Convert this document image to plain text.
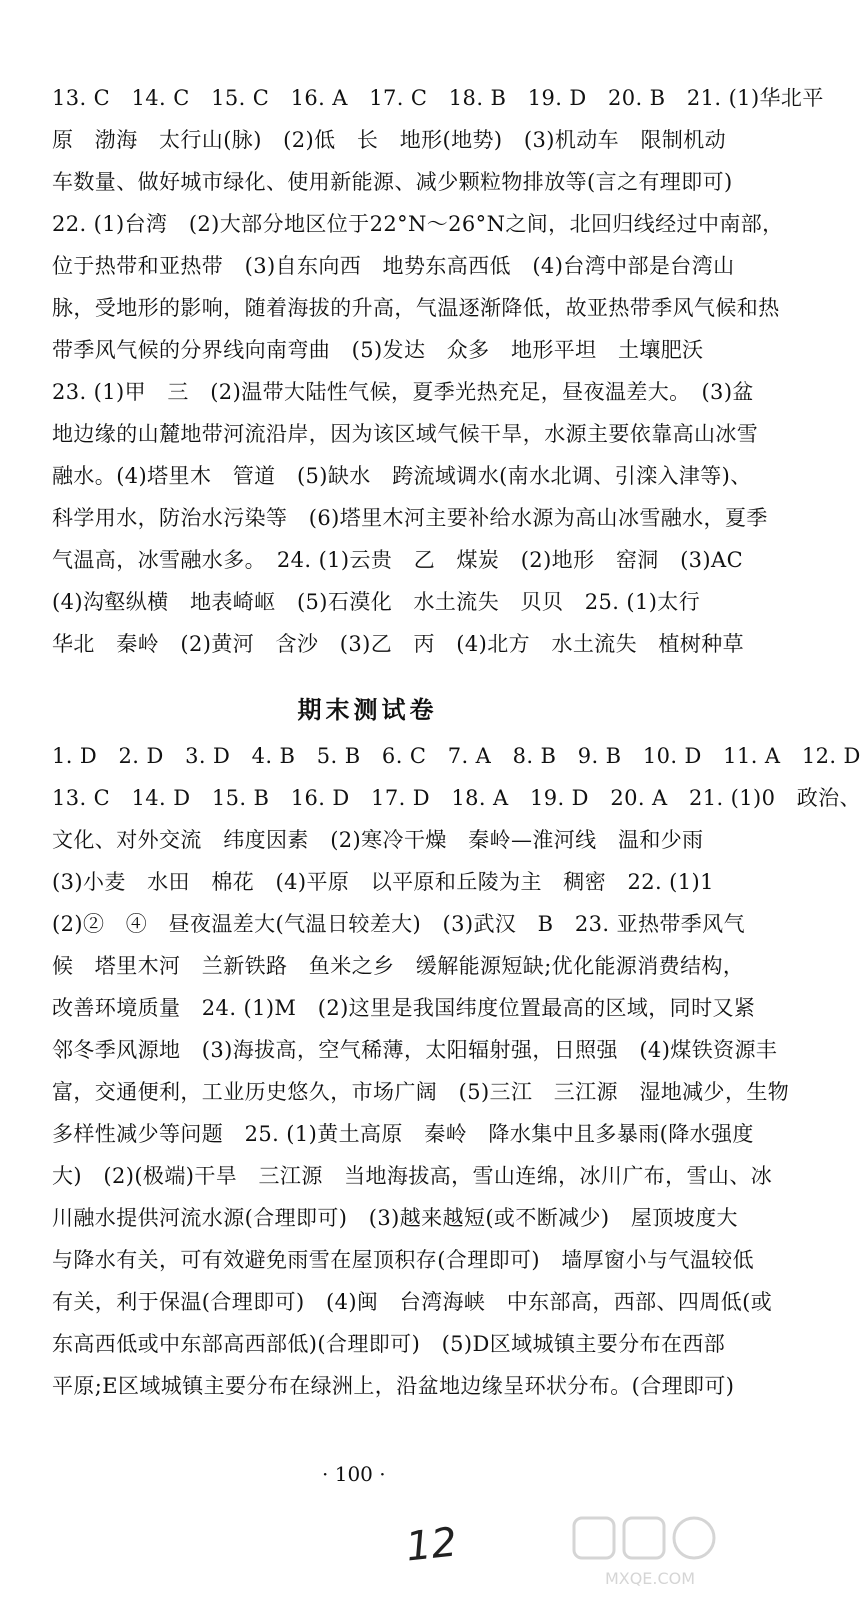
13. C　14. C　15. C　16. A　17. C　18. B　19. D　20. B　21. (1)华北平
原　渤海　太行山(脉)　(2)低　长　地形(地势)　(3)机动车　限制机动
车数量、做好城市绿化、使用新能源、减少颗粒物排放等(言之有理即可)
22. (1)台湾　(2)大部分地区位于22°N～26°N之间，北回归线经过中南部，
位于热带和亚热带　(3)自东向西　地势东高西低　(4)台湾中部是台湾山
脉，受地形的影响，随着海拔的升高，气温逐渐降低，故亚热带季风气候和热
带季风气候的分界线向南弯曲　(5)发达　众多　地形平坦　土壤肥沃
23. (1)甲　三　(2)温带大陆性气候，夏季光热充足，昼夜温差大。　(3)盆
地边缘的山麓地带河流沿岸，因为该区域气候干旱，水源主要依靠高山冰雪
融水。(4)塔里木　管道　(5)缺水　跨流域调水(南水北调、引滦入津等)、
科学用水，防治水污染等　(6)塔里木河主要补给水源为高山冰雪融水，夏季
气温高，冰雪融水多。　24. (1)云贵　乙　煤炭　(2)地形　窑洞　(3)AC
(4)沟壑纵横　地表崎岖　(5)石漠化　水土流失　贝贝　25. (1)太行
华北　秦岭　(2)黄河　含沙　(3)乙　丙　(4)北方　水土流失　植树种草
期末测试卷
1. D　2. D　3. D　4. B　5. B　6. C　7. A　8. B　9. B　10. D　11. A　12. D
13. C　14. D　15. B　16. D　17. D　18. A　19. D　20. A　21. (1)0　政治、
文化、对外交流　纬度因素　(2)寒冷干燥　秦岭—淮河线　温和少雨
(3)小麦　水田　棉花　(4)平原　以平原和丘陵为主　稠密　22. (1)1
(2)②　④　昼夜温差大(气温日较差大)　(3)武汉　B　23. 亚热带季风气
候　塔里木河　兰新铁路　鱼米之乡　缓解能源短缺;优化能源消费结构，
改善环境质量　24. (1)M　(2)这里是我国纬度位置最高的区域，同时又紧
邻冬季风源地　(3)海拔高，空气稀薄，太阳辐射强，日照强　(4)煤铁资源丰
富，交通便利，工业历史悠久，市场广阔　(5)三江　三江源　湿地减少，生物
多样性减少等问题　25. (1)黄土高原　秦岭　降水集中且多暴雨(降水强度
大)　(2)(极端)干旱　三江源　当地海拔高，雪山连绵，冰川广布，雪山、冰
川融水提供河流水源(合理即可)　(3)越来越短(或不断减少)　屋顶坡度大
与降水有关，可有效避免雨雪在屋顶积存(合理即可)　墙厚窗小与气温较低
有关，利于保温(合理即可)　(4)闽　台湾海峡　中东部高，西部、四周低(或
东高西低或中东部高西部低)(合理即可)　(5)D区域城镇主要分布在西部
平原;E区域城镇主要分布在绿洲上，沿盆地边缘呈环状分布。(合理即可)
· 100 ·
12
MXQE.COM
